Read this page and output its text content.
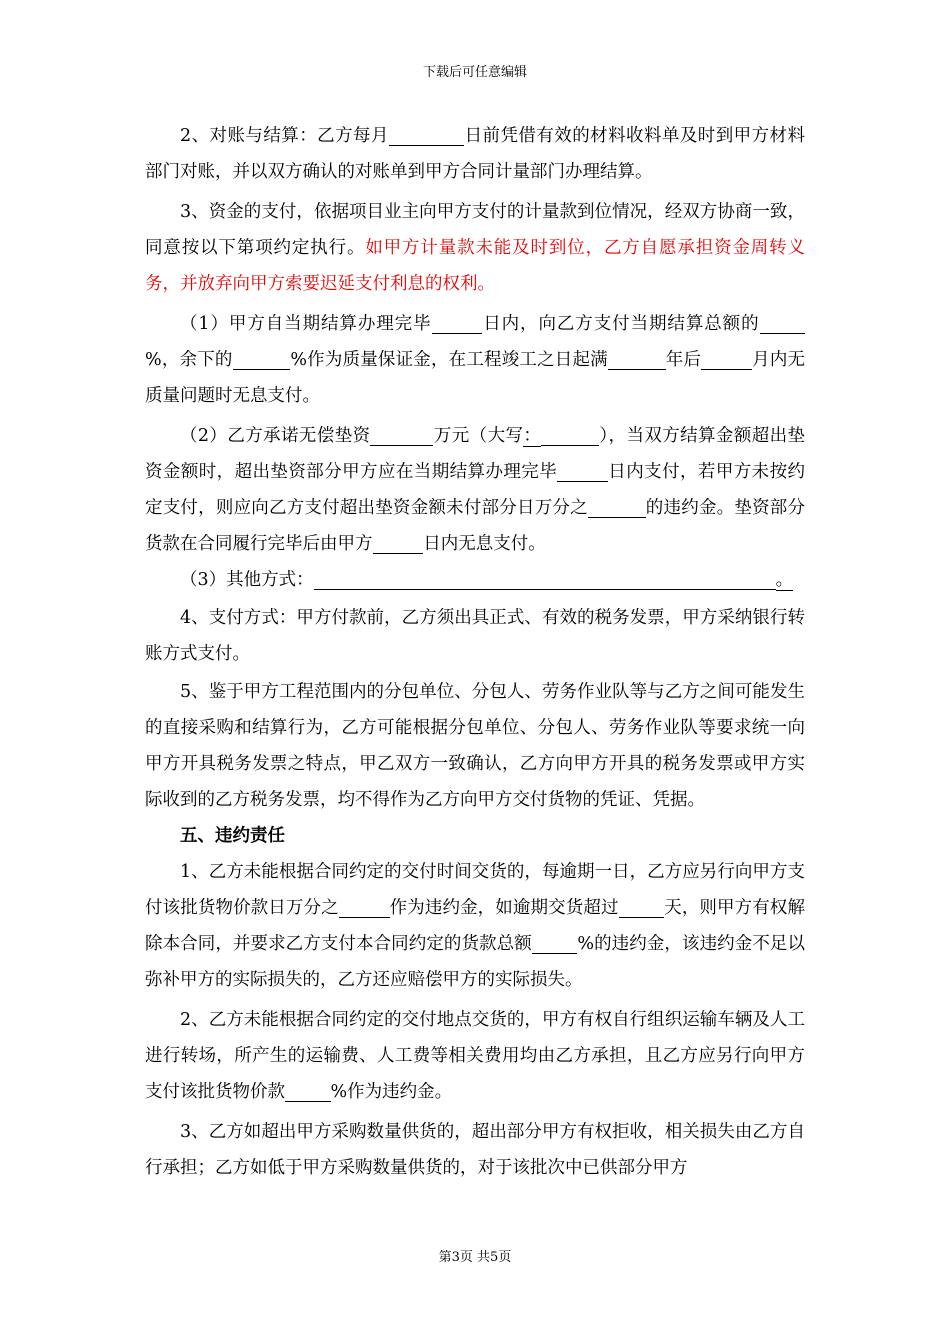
下载后可任意编辑

2、对账与结算：乙方每月	日前凭借有效的材料收料单及时到甲方材料部门对账，并以双方确认的对账单到甲方合同计量部门办理结算。

3、资金的支付，依据项目业主向甲方支付的计量款到位情况，经双方协商一致，同意按以下第项约定执行。如甲方计量款未能及时到位，乙方自愿承担资金周转义务，并放弃向甲方索要迟延支付利息的权利。

（1）甲方自当期结算办理完毕	日内，向乙方支付当期结算总额的%，余下的	%作为质量保证金，在工程竣工之日起满	年后	月内无质量问题时无息支付。

（2）乙方承诺无偿垫资	万元（大写：	），当双方结算金额超出垫资金额时，超出垫资部分甲方应在当期结算办理完毕	日内支付，若甲方未按约定支付，则应向乙方支付超出垫资金额未付部分日万分之	的违约金。垫资部分货款在合同履行完毕后由甲方	日内无息支付。

（3）其他方式：	。

4、支付方式：甲方付款前，乙方须出具正式、有效的税务发票，甲方采纳银行转账方式支付。

5、鉴于甲方工程范围内的分包单位、分包人、劳务作业队等与乙方之间可能发生的直接采购和结算行为，乙方可能根据分包单位、分包人、劳务作业队等要求统一向甲方开具税务发票之特点，甲乙双方一致确认，乙方向甲方开具的税务发票或甲方实际收到的乙方税务发票，均不得作为乙方向甲方交付货物的凭证、凭据。

五、违约责任

1、乙方未能根据合同约定的交付时间交货的，每逾期一日，乙方应另行向甲方支付该批货物价款日万分之	作为违约金，如逾期交货超过	天，则甲方有权解除本合同，并要求乙方支付本合同约定的货款总额	%的违约金，该违约金不足以弥补甲方的实际损失的，乙方还应赔偿甲方的实际损失。

2、乙方未能根据合同约定的交付地点交货的，甲方有权自行组织运输车辆及人工进行转场，所产生的运输费、人工费等相关费用均由乙方承担，且乙方应另行向甲方支付该批货物价款	%作为违约金。

3、乙方如超出甲方采购数量供货的，超出部分甲方有权拒收，相关损失由乙方自行承担；乙方如低于甲方采购数量供货的，对于该批次中已供部分甲方

第3页 共5页
